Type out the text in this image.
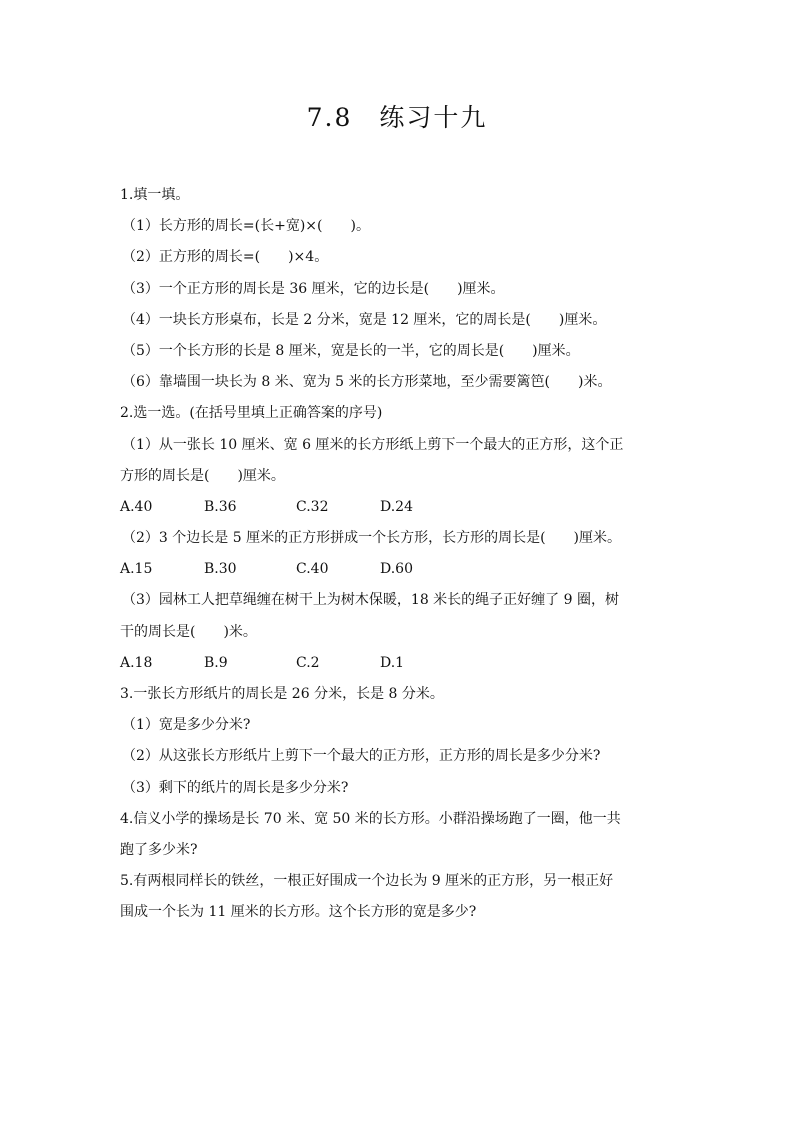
7.8　练习十九
1.填一填。
（1）长方形的周长=(长+宽)×(　　)。
（2）正方形的周长=(　　)×4。
（3）一个正方形的周长是 36 厘米，它的边长是(　　)厘米。
（4）一块长方形桌布，长是 2 分米，宽是 12 厘米，它的周长是(　　)厘米。
（5）一个长方形的长是 8 厘米，宽是长的一半，它的周长是(　　)厘米。
（6）靠墙围一块长为 8 米、宽为 5 米的长方形菜地，至少需要篱笆(　　)米。
2.选一选。(在括号里填上正确答案的序号)
（1）从一张长 10 厘米、宽 6 厘米的长方形纸上剪下一个最大的正方形，这个正
方形的周长是(　　)厘米。
A.40	B.36	C.32	D.24
（2）3 个边长是 5 厘米的正方形拼成一个长方形，长方形的周长是(　　)厘米。
A.15	B.30	C.40	D.60
（3）园林工人把草绳缠在树干上为树木保暖，18 米长的绳子正好缠了 9 圈，树
干的周长是(　　)米。
A.18	B.9	C.2	D.1
3.一张长方形纸片的周长是 26 分米，长是 8 分米。
（1）宽是多少分米?
（2）从这张长方形纸片上剪下一个最大的正方形，正方形的周长是多少分米?
（3）剩下的纸片的周长是多少分米?
4.信义小学的操场是长 70 米、宽 50 米的长方形。小群沿操场跑了一圈，他一共
跑了多少米?
5.有两根同样长的铁丝，一根正好围成一个边长为 9 厘米的正方形，另一根正好
围成一个长为 11 厘米的长方形。这个长方形的宽是多少?
